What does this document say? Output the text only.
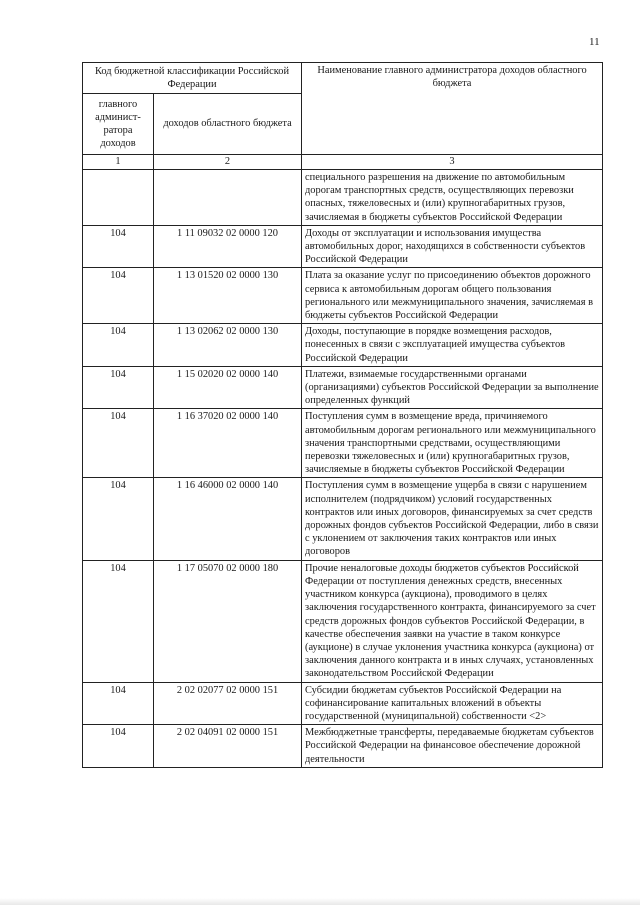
11
Код бюджетной классификации Российской Федерации		Наименование главного администратора доходов областного бюджета
главного админист-ратора доходов	доходов областного бюджета	
1	2	3
		специального разрешения на движение по автомобильным дорогам транспортных средств, осуществляющих перевозки опасных, тяжеловесных и (или) крупногабаритных грузов, зачисляемая в бюджеты субъектов Российской Федерации
104	1 11 09032 02 0000 120	Доходы от эксплуатации и использования имущества автомобильных дорог, находящихся в собственности субъектов Российской Федерации
104	1 13 01520 02 0000 130	Плата за оказание услуг по присоединению объектов дорожного сервиса к автомобильным дорогам общего пользования регионального или межмуниципального значения, зачисляемая в бюджеты субъектов Российской Федерации
104	1 13 02062 02 0000 130	Доходы, поступающие в порядке возмещения расходов, понесенных в связи с эксплуатацией имущества субъектов Российской Федерации
104	1 15 02020 02 0000 140	Платежи, взимаемые государственными органами (организациями) субъектов Российской Федерации за выполнение определенных функций
104	1 16 37020 02 0000 140	Поступления сумм в возмещение вреда, причиняемого автомобильным дорогам регионального или межмуниципального значения транспортными средствами, осуществляющими перевозки тяжеловесных и (или) крупногабаритных грузов, зачисляемые в бюджеты субъектов Российской Федерации
104	1 16 46000 02 0000 140	Поступления сумм в возмещение ущерба в связи с нарушением исполнителем (подрядчиком) условий государственных контрактов или иных договоров, финансируемых за счет средств дорожных фондов субъектов Российской Федерации, либо в связи с уклонением от заключения таких контрактов или иных договоров
104	1 17 05070 02 0000 180	Прочие неналоговые доходы бюджетов субъектов Российской Федерации от поступления денежных средств, внесенных участником конкурса (аукциона), проводимого в целях заключения государственного контракта, финансируемого за счет средств дорожных фондов субъектов Российской Федерации, в качестве обеспечения заявки на участие в таком конкурсе (аукционе) в случае уклонения участника конкурса (аукциона) от заключения данного контракта и в иных случаях, установленных законодательством Российской Федерации
104	2 02 02077 02 0000 151	Субсидии бюджетам субъектов Российской Федерации на софинансирование капитальных вложений в объекты государственной (муниципальной) собственности <2>
104	2 02 04091 02 0000 151	Межбюджетные трансферты, передаваемые бюджетам субъектов Российской Федерации на финансовое обеспечение дорожной деятельности
